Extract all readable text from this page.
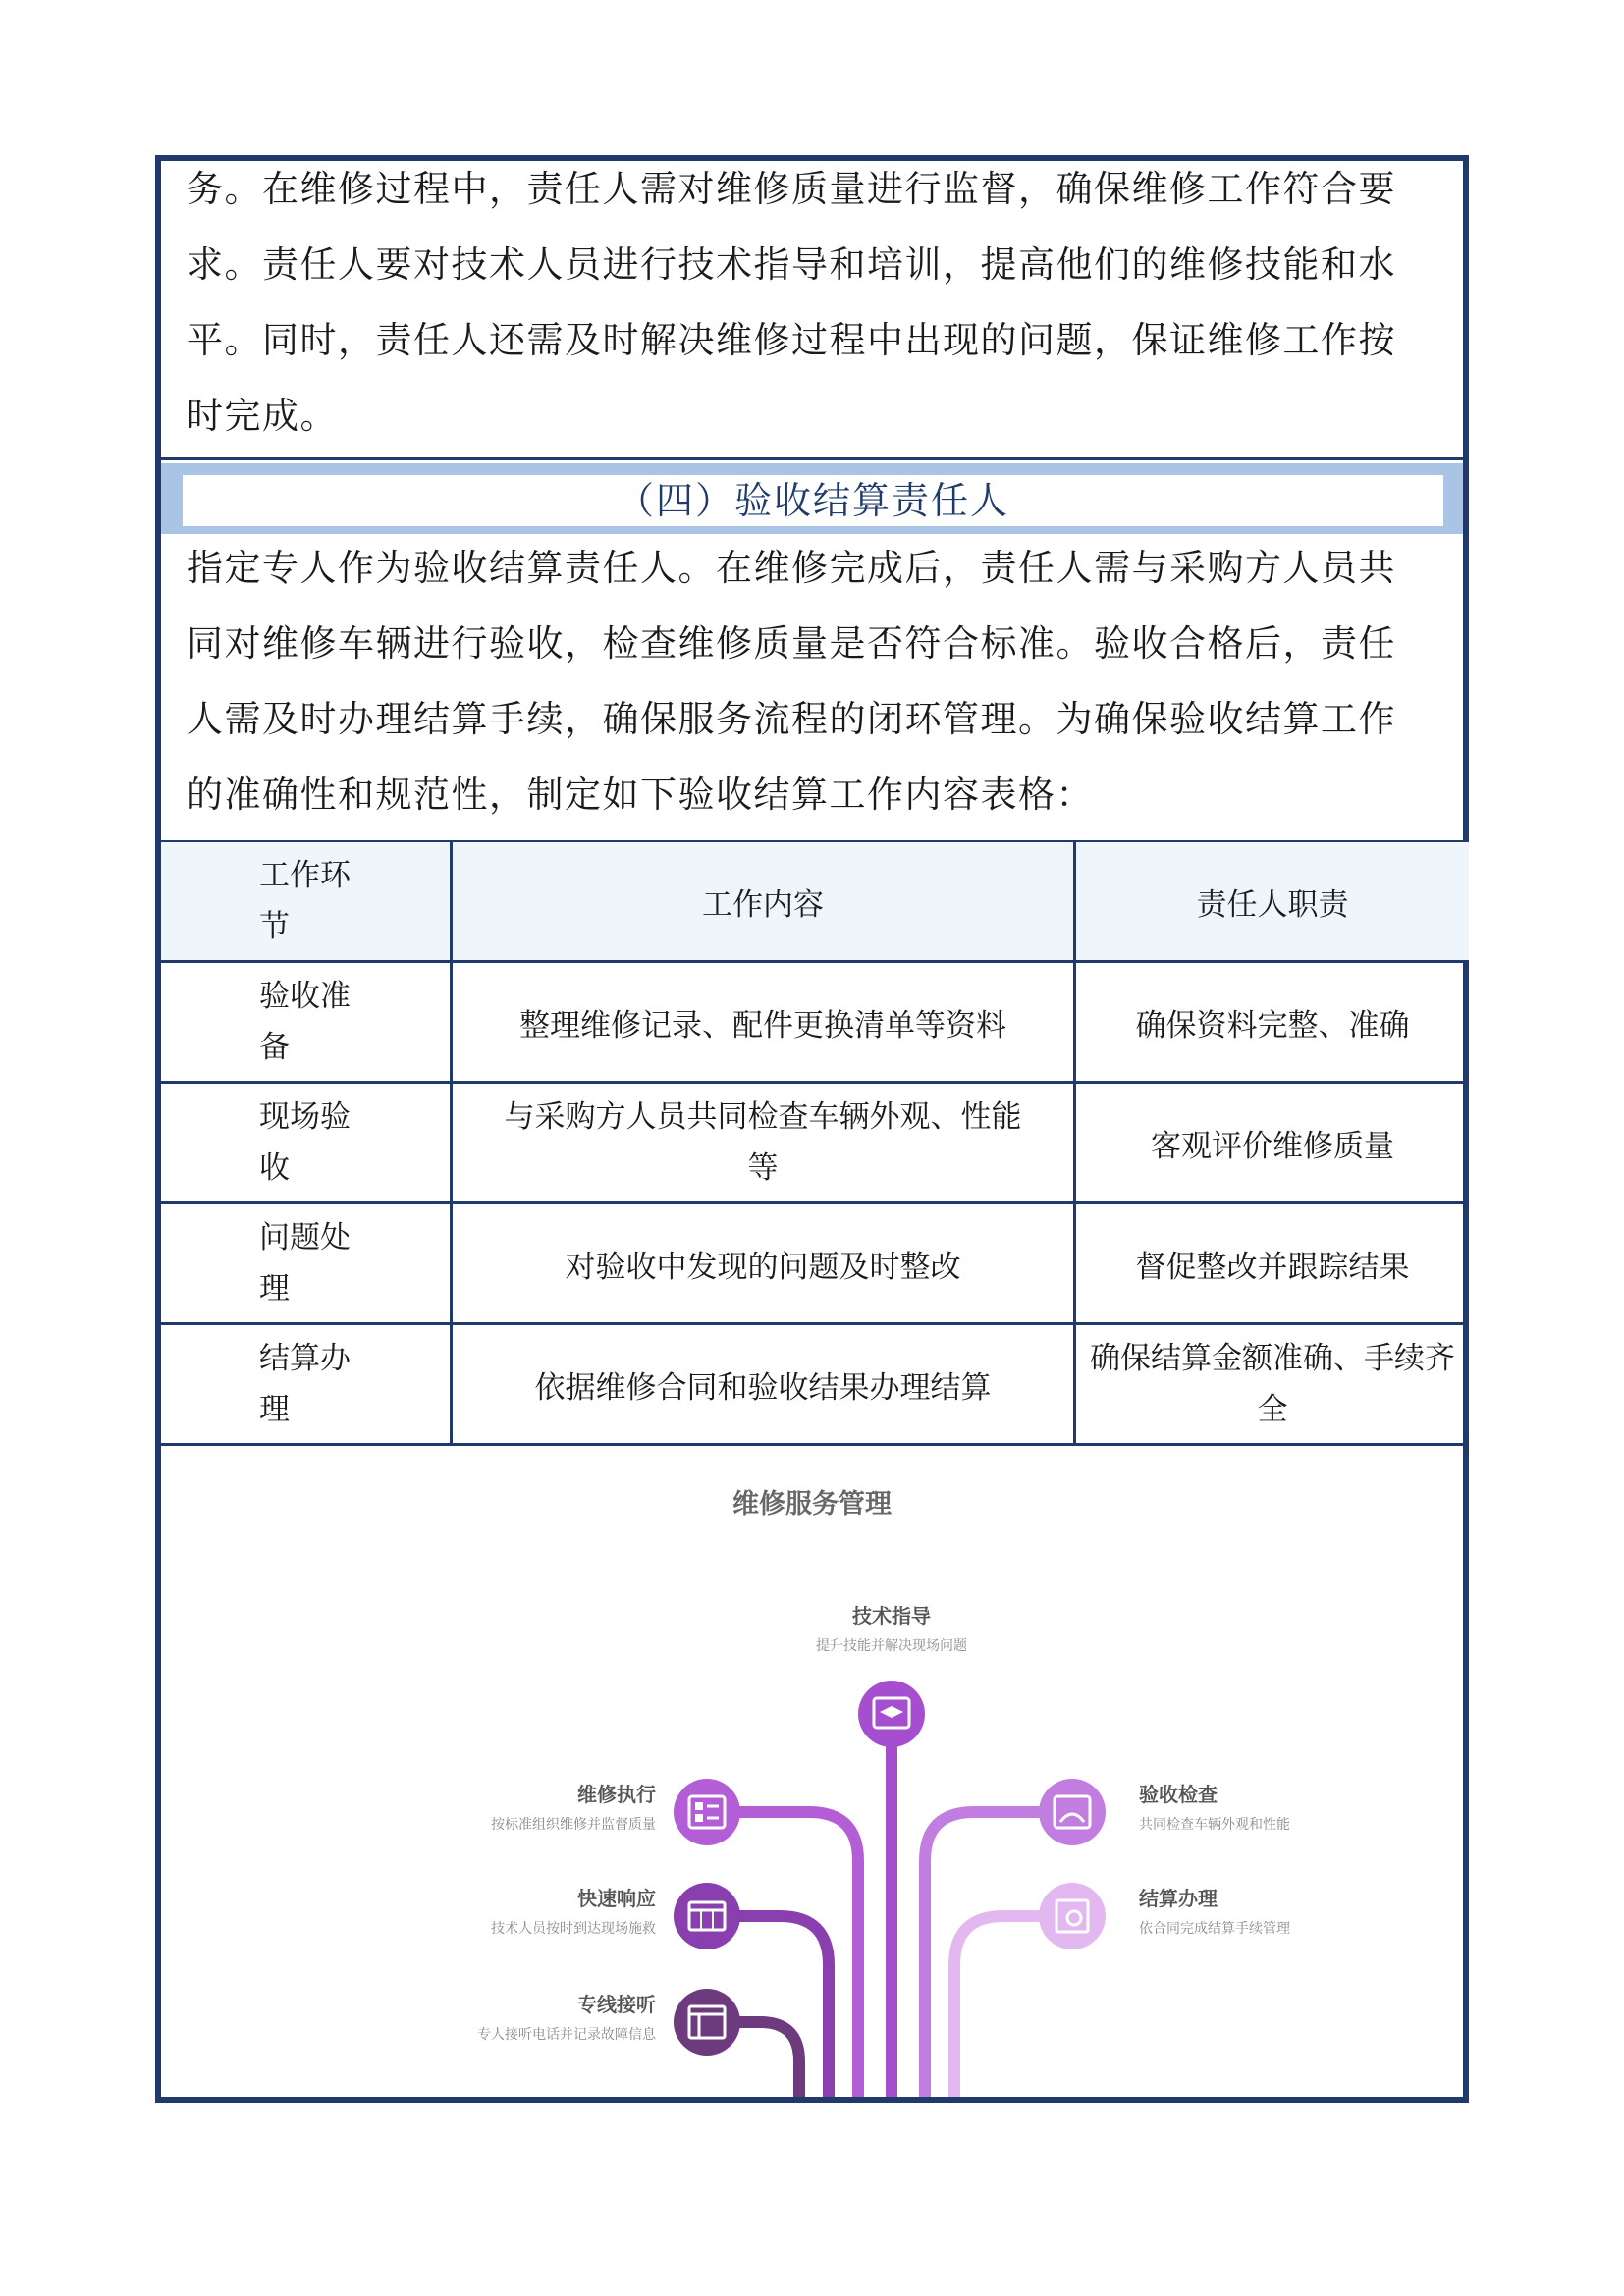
务。在维修过程中，责任人需对维修质量进行监督，确保维修工作符合要
求。责任人要对技术人员进行技术指导和培训，提高他们的维修技能和水
平。同时，责任人还需及时解决维修过程中出现的问题，保证维修工作按
时完成。
（四）验收结算责任人
指定专人作为验收结算责任人。在维修完成后，责任人需与采购方人员共
同对维修车辆进行验收，检查维修质量是否符合标准。验收合格后，责任
人需及时办理结算手续，确保服务流程的闭环管理。为确保验收结算工作
的准确性和规范性，制定如下验收结算工作内容表格：
工作环节	工作内容	责任人职责

验收准备	整理维修记录、配件更换清单等资料	确保资料完整、准确

现场验收	与采购方人员共同检查车辆外观、性能等	客观评价维修质量

问题处理	对验收中发现的问题及时整改	督促整改并跟踪结果

结算办理	依据维修合同和验收结果办理结算	确保结算金额准确、手续齐全
维修服务管理
技术指导
提升技能并解决现场问题
维修执行
按标准组织维修并监督质量
快速响应
技术人员按时到达现场施救
专线接听
专人接听电话并记录故障信息
验收检查
共同检查车辆外观和性能
结算办理
依合同完成结算手续管理
